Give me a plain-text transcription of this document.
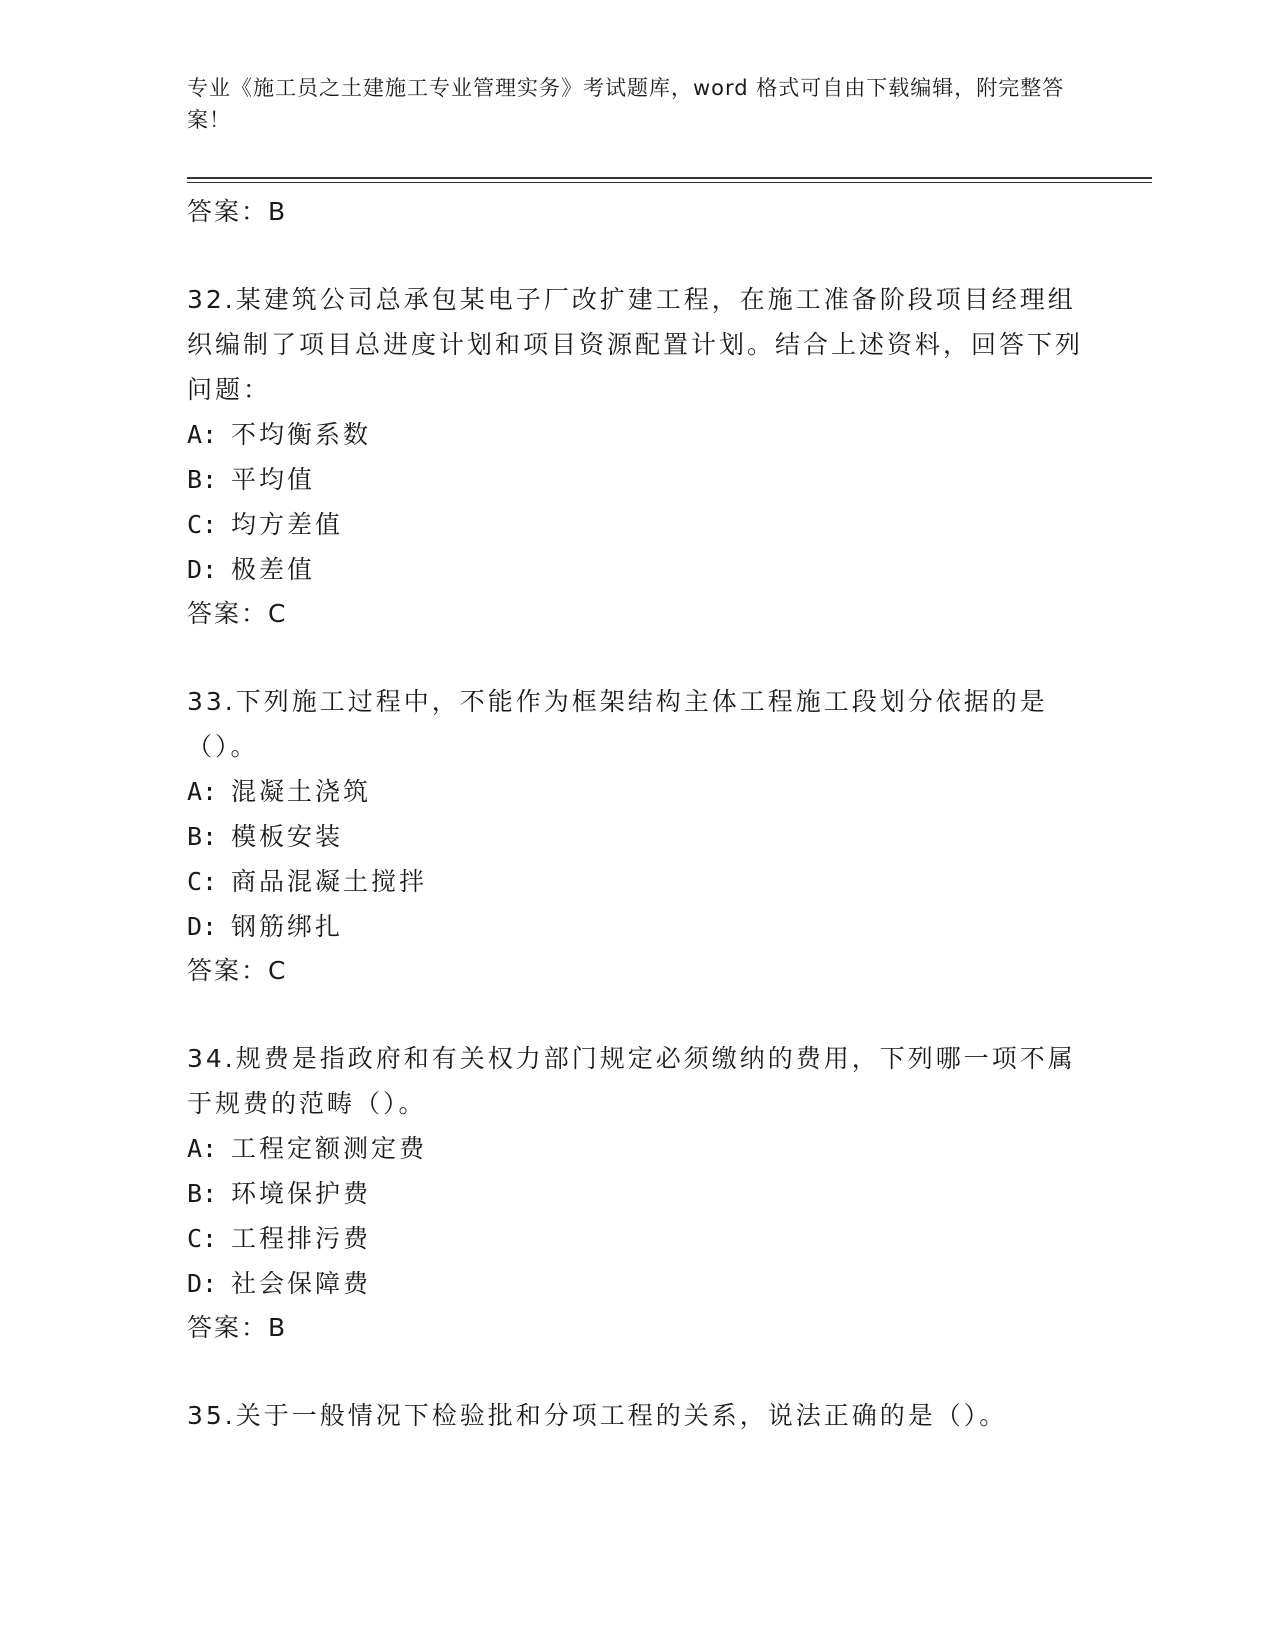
专业《施工员之土建施工专业管理实务》考试题库，word 格式可自由下载编辑，附完整答案！

答案：B

32.某建筑公司总承包某电子厂改扩建工程，在施工准备阶段项目经理组织编制了项目总进度计划和项目资源配置计划。结合上述资料，回答下列问题：

A: 不均衡系数
B: 平均值
C: 均方差值
D: 极差值

答案：C

33.下列施工过程中，不能作为框架结构主体工程施工段划分依据的是（）。

A: 混凝土浇筑
B: 模板安装
C: 商品混凝土搅拌
D: 钢筋绑扎

答案：C

34.规费是指政府和有关权力部门规定必须缴纳的费用，下列哪一项不属于规费的范畴（）。

A: 工程定额测定费
B: 环境保护费
C: 工程排污费
D: 社会保障费

答案：B

35.关于一般情况下检验批和分项工程的关系，说法正确的是（）。
